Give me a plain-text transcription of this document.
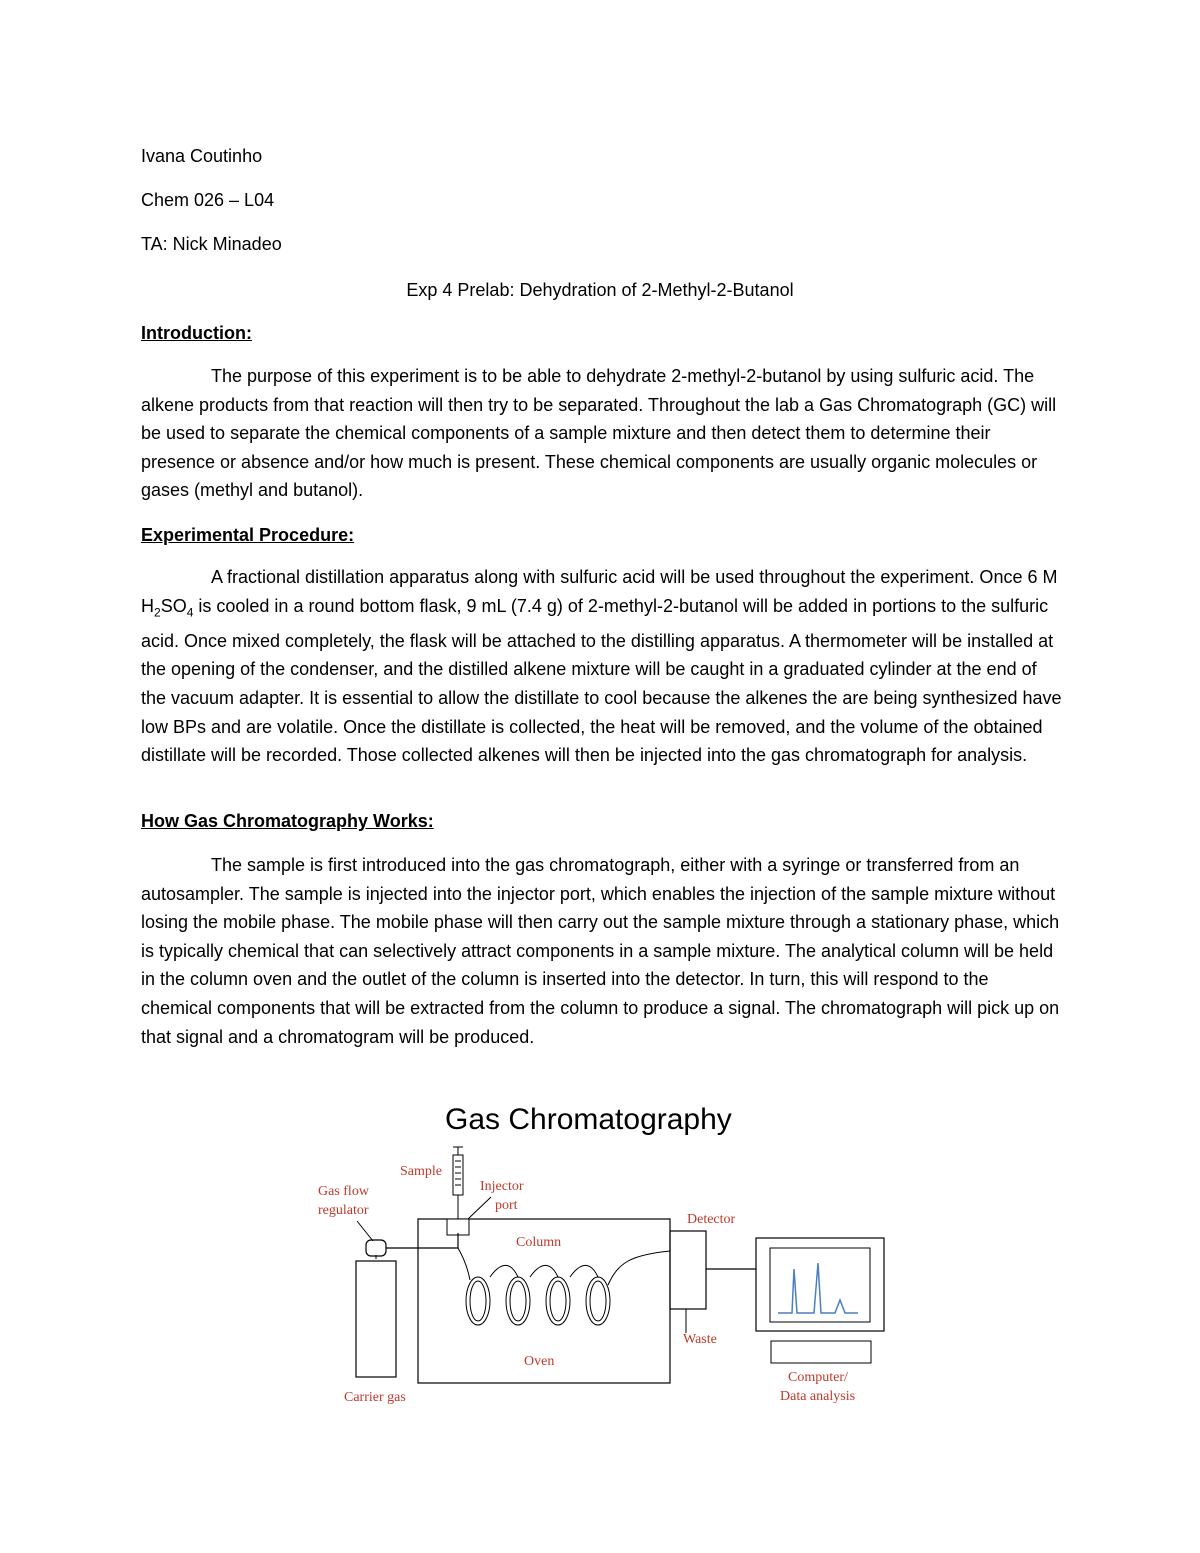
Ivana Coutinho
Chem 026 – L04
TA: Nick Minadeo
Exp 4 Prelab: Dehydration of 2-Methyl-2-Butanol
Introduction:

The purpose of this experiment is to be able to dehydrate 2-methyl-2-butanol by using sulfuric acid. The alkene products from that reaction will then try to be separated. Throughout the lab a Gas Chromatograph (GC) will be used to separate the chemical components of a sample mixture and then detect them to determine their presence or absence and/or how much is present. These chemical components are usually organic molecules or gases (methyl and butanol).

Experimental Procedure:

A fractional distillation apparatus along with sulfuric acid will be used throughout the experiment. Once 6 M $H_2SO_4$ is cooled in a round bottom flask, 9 mL (7.4 g) of 2-methyl-2-butanol will be added in portions to the sulfuric acid. Once mixed completely, the flask will be attached to the distilling apparatus. A thermometer will be installed at the opening of the condenser, and the distilled alkene mixture will be caught in a graduated cylinder at the end of the vacuum adapter. It is essential to allow the distillate to cool because the alkenes the are being synthesized have low BPs and are volatile. Once the distillate is collected, the heat will be removed, and the volume of the obtained distillate will be recorded. Those collected alkenes will then be injected into the gas chromatograph for analysis.

How Gas Chromatography Works:

The sample is first introduced into the gas chromatograph, either with a syringe or transferred from an autosampler. The sample is injected into the injector port, which enables the injection of the sample mixture without losing the mobile phase. The mobile phase will then carry out the sample mixture through a stationary phase, which is typically chemical that can selectively attract components in a sample mixture. The analytical column will be held in the column oven and the outlet of the column is inserted into the detector. In turn, this will respond to the chemical components that will be extracted from the column to produce a signal. The chromatograph will pick up on that signal and a chromatogram will be produced.

Gas Chromatography
Sample
Injector
port
Gas flow
regulator
Detector
Column
Waste
Oven
Carrier gas
Computer/
Data analysis
